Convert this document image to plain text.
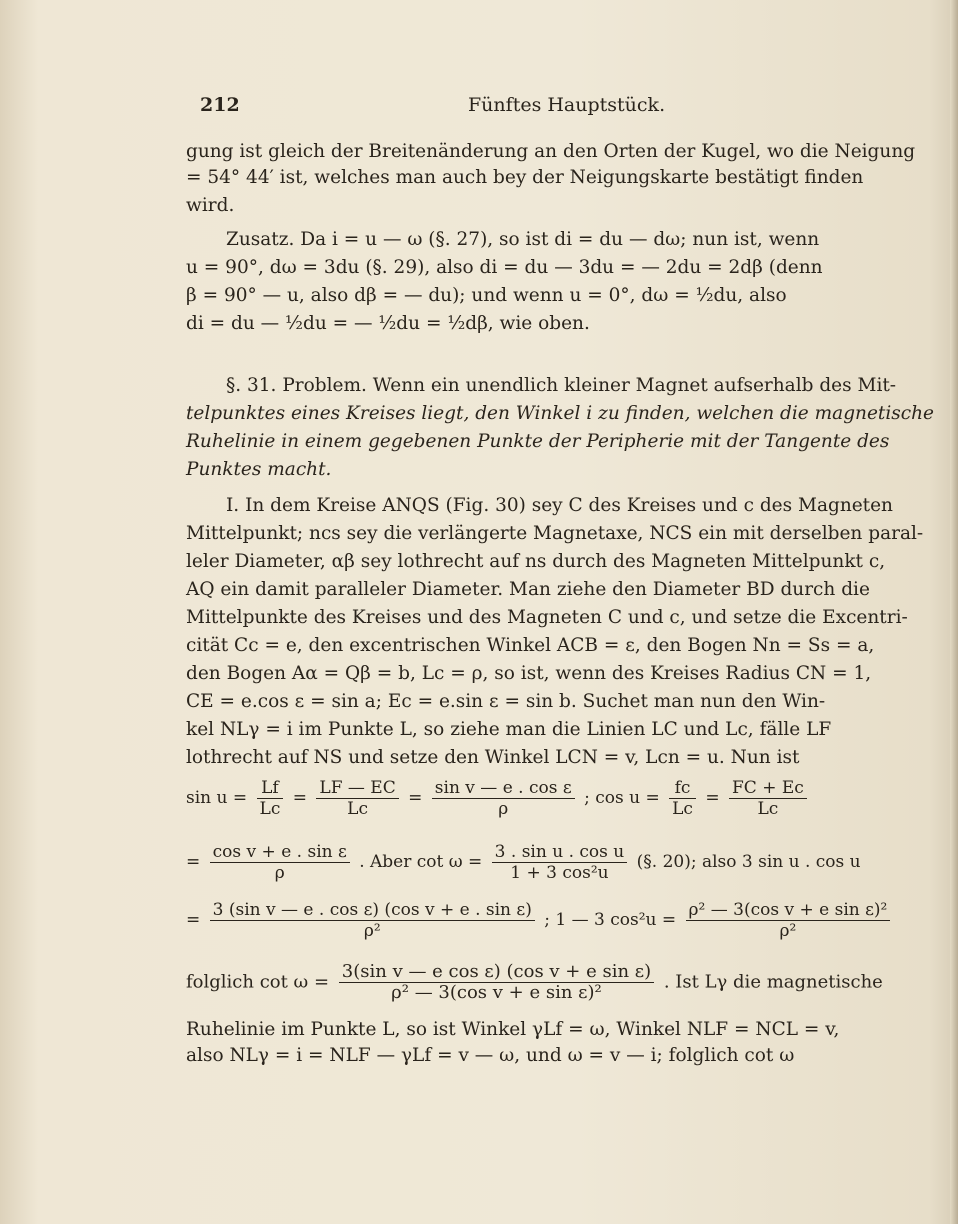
212	Fünftes Hauptstück.
gung ist gleich der Breitenänderung an den Orten der Kugel, wo die Neigung
= 54° 44′ ist, welches man auch bey der Neigungskarte bestätigt finden
wird.
Zusatz. Da i = u — ω (§. 27), so ist di = du — dω; nun ist, wenn
u = 90°, dω = 3du (§. 29), also di = du — 3du = — 2du = 2dβ (denn
β = 90° — u, also dβ = — du); und wenn u = 0°, dω = ½du, also
di = du — ½du = — ½du = ½dβ, wie oben.
§. 31. Problem. Wenn ein unendlich kleiner Magnet aufserhalb des Mit-
telpunktes eines Kreises liegt, den Winkel i zu finden, welchen die magnetische
Ruhelinie in einem gegebenen Punkte der Peripherie mit der Tangente des
Punktes macht.
I. In dem Kreise ANQS (Fig. 30) sey C des Kreises und c des Magneten
Mittelpunkt; ncs sey die verlängerte Magnetaxe, NCS ein mit derselben paral-
leler Diameter, αβ sey lothrecht auf ns durch des Magneten Mittelpunkt c,
AQ ein damit paralleler Diameter. Man ziehe den Diameter BD durch die
Mittelpunkte des Kreises und des Magneten C und c, und setze die Excentri-
cität Cc = e, den excentrischen Winkel ACB = ε, den Bogen Nn = Ss = a,
den Bogen Aα = Qβ = b, Lc = ρ, so ist, wenn des Kreises Radius CN = 1,
CE = e.cos ε = sin a; Ec = e.sin ε = sin b. Suchet man nun den Win-
kel NLγ = i im Punkte L, so ziehe man die Linien LC und Lc, fälle LF
lothrecht auf NS und setze den Winkel LCN = v, Lcn = u. Nun ist
$\sin u = \frac{Lf}{Lc} = \frac{LF — EC}{Lc} = \frac{\text{sin v — e . cos ε}}{\rho}$ ; $\cos u = \frac{fc}{Lc} = \frac{FC + Ec}{Lc}$
= $\frac{\text{cos v + e . sin ε}}{\rho}$ . Aber $\cot \omega = \frac{\text{3 . sin u . cos u}}{\text{1 + 3 cos²u}}$ (§. 20); also 3 sin u . cos u
= $\frac{\text{3 (sin v — e . cos ε) (cos v + e . sin ε)}}{\text{ρ²}}$ ; 1 — 3 $\cos^2u = \frac{\text{ρ² — 3(cos v + e sin ε)²}}{\text{ρ²}}$
folglich $\cot \omega = \frac{\text{3(sin v — e cos ε) (cos v + e sin ε)}}{\text{ρ² — 3(cos v + e sin ε)²}}$ . Ist Lγ die magnetische
Ruhelinie im Punkte L, so ist Winkel γLf = ω, Winkel NLF = NCL = v,
also NLγ = i = NLF — γLf = v — ω, und ω = v — i; folglich cot ω
